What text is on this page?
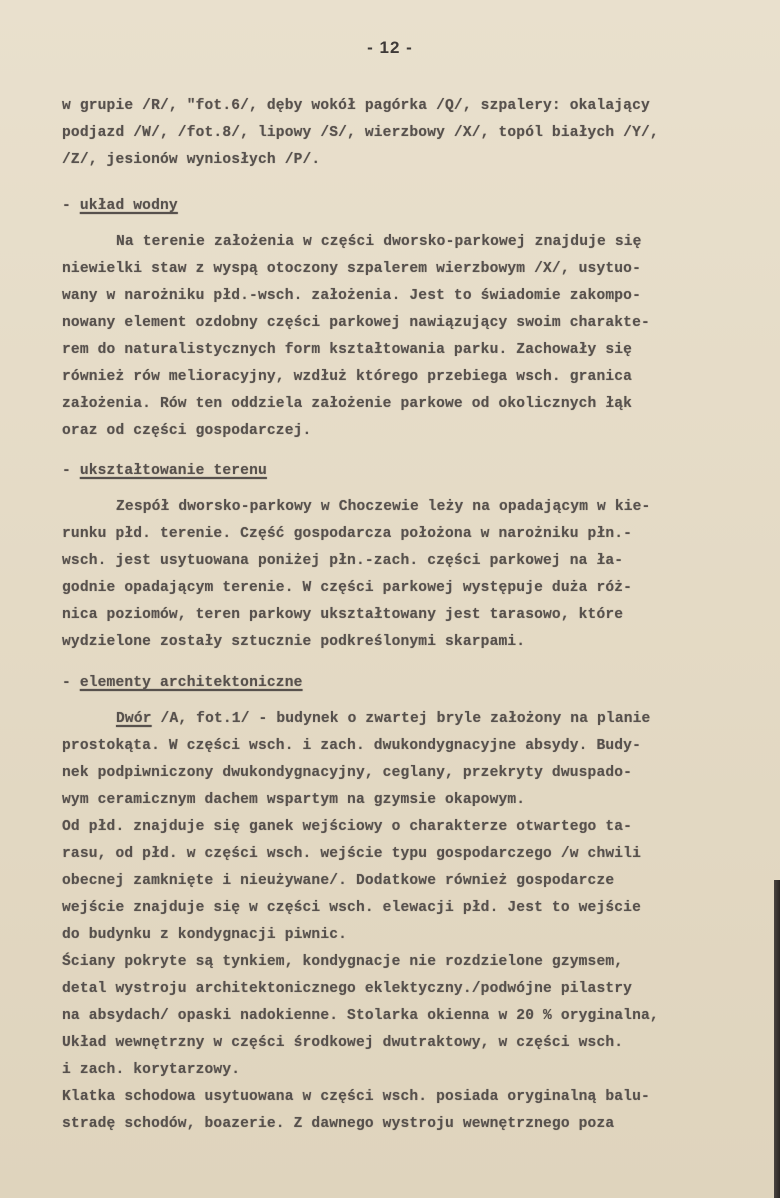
- 12 -
w grupie /R/, "fot.6/, dęby wokół pagórka /Q/, szpalery: okalający
podjazd /W/, /fot.8/, lipowy /S/, wierzbowy /X/, topól białych /Y/,
/Z/, jesionów wyniosłych /P/.
- układ wodny
Na terenie założenia w części dworsko-parkowej znajduje się
niewielki staw z wyspą otoczony szpalerem wierzbowym /X/, usytuo-
wany w narożniku płd.-wsch. założenia. Jest to świadomie zakompo-
nowany element ozdobny części parkowej nawiązujący swoim charakte-
rem do naturalistycznych form kształtowania parku. Zachowały się
również rów melioracyjny, wzdłuż którego przebiega wsch. granica
założenia. Rów ten oddziela założenie parkowe od okolicznych łąk
oraz od części gospodarczej.
- ukształtowanie terenu
Zespół dworsko-parkowy w Choczewie leży na opadającym w kie-
runku płd. terenie. Część gospodarcza położona w narożniku płn.-
wsch. jest usytuowana poniżej płn.-zach. części parkowej na ła-
godnie opadającym terenie. W części parkowej występuje duża róż-
nica poziomów, teren parkowy ukształtowany jest tarasowo, które
wydzielone zostały sztucznie podkreślonymi skarpami.
- elementy architektoniczne
Dwór /A, fot.1/ - budynek o zwartej bryle założony na planie
prostokąta. W części wsch. i zach. dwukondygnacyjne absydy. Budy-
nek podpiwniczony dwukondygnacyjny, ceglany, przekryty dwuspado-
wym ceramicznym dachem wspartym na gzymsie okapowym.
Od płd. znajduje się ganek wejściowy o charakterze otwartego ta-
rasu, od płd. w części wsch. wejście typu gospodarczego /w chwili
obecnej zamknięte i nieużywane/. Dodatkowe również gospodarcze
wejście znajduje się w części wsch. elewacji płd. Jest to wejście
do budynku z kondygnacji piwnic.
Ściany pokryte są tynkiem, kondygnacje nie rozdzielone gzymsem,
detal wystroju architektonicznego eklektyczny./podwójne pilastry
na absydach/ opaski nadokienne. Stolarka okienna w 20 % oryginalna,
Układ wewnętrzny w części środkowej dwutraktowy, w części wsch.
i zach. korytarzowy.
Klatka schodowa usytuowana w części wsch. posiada oryginalną balu-
stradę schodów, boazerie. Z dawnego wystroju wewnętrznego poza
